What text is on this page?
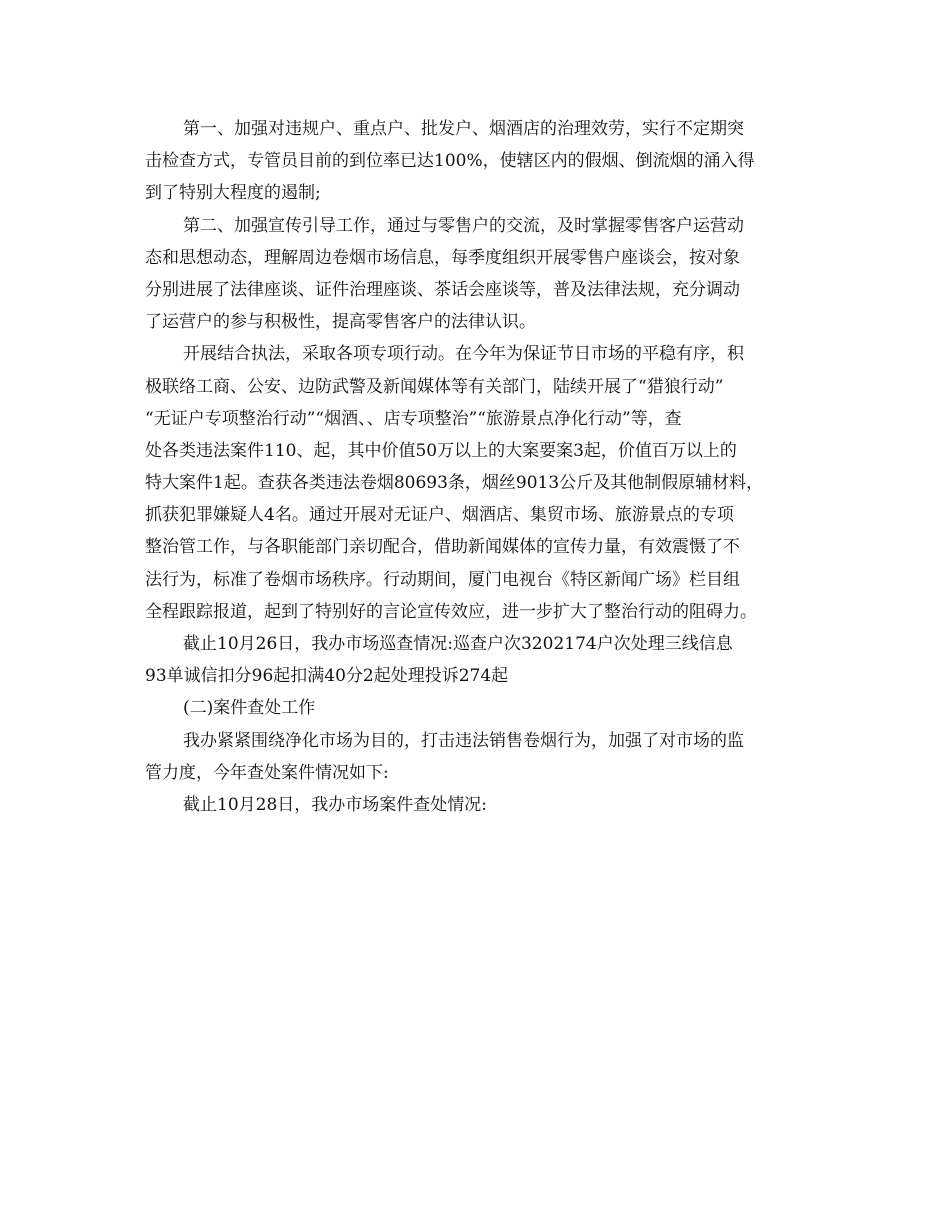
第一、加强对违规户、重点户、批发户、烟酒店的治理效劳，实行不定期突
击检查方式，专管员目前的到位率已达100%，使辖区内的假烟、倒流烟的涌入得
到了特别大程度的遏制;
第二、加强宣传引导工作，通过与零售户的交流，及时掌握零售客户运营动
态和思想动态，理解周边卷烟市场信息，每季度组织开展零售户座谈会，按对象
分别进展了法律座谈、证件治理座谈、茶话会座谈等，普及法律法规，充分调动
了运营户的参与积极性，提高零售客户的法律认识。
开展结合执法，采取各项专项行动。在今年为保证节日市场的平稳有序，积
极联络工商、公安、边防武警及新闻媒体等有关部门，陆续开展了“猎狼行动”
“无证户专项整治行动”“烟酒、、店专项整治”“旅游景点净化行动”等，查
处各类违法案件110、起，其中价值50万以上的大案要案3起，价值百万以上的
特大案件1起。查获各类违法卷烟80693条，烟丝9013公斤及其他制假原辅材料，
抓获犯罪嫌疑人4名。通过开展对无证户、烟酒店、集贸市场、旅游景点的专项
整治管工作，与各职能部门亲切配合，借助新闻媒体的宣传力量，有效震慑了不
法行为，标准了卷烟市场秩序。行动期间，厦门电视台《特区新闻广场》栏目组
全程跟踪报道，起到了特别好的言论宣传效应，进一步扩大了整治行动的阻碍力。
截止10月26日，我办市场巡查情况:巡查户次3202174户次处理三线信息
93单诚信扣分96起扣满40分2起处理投诉274起
(二)案件查处工作
我办紧紧围绕净化市场为目的，打击违法销售卷烟行为，加强了对市场的监
管力度，今年查处案件情况如下:
截止10月28日，我办市场案件查处情况:
